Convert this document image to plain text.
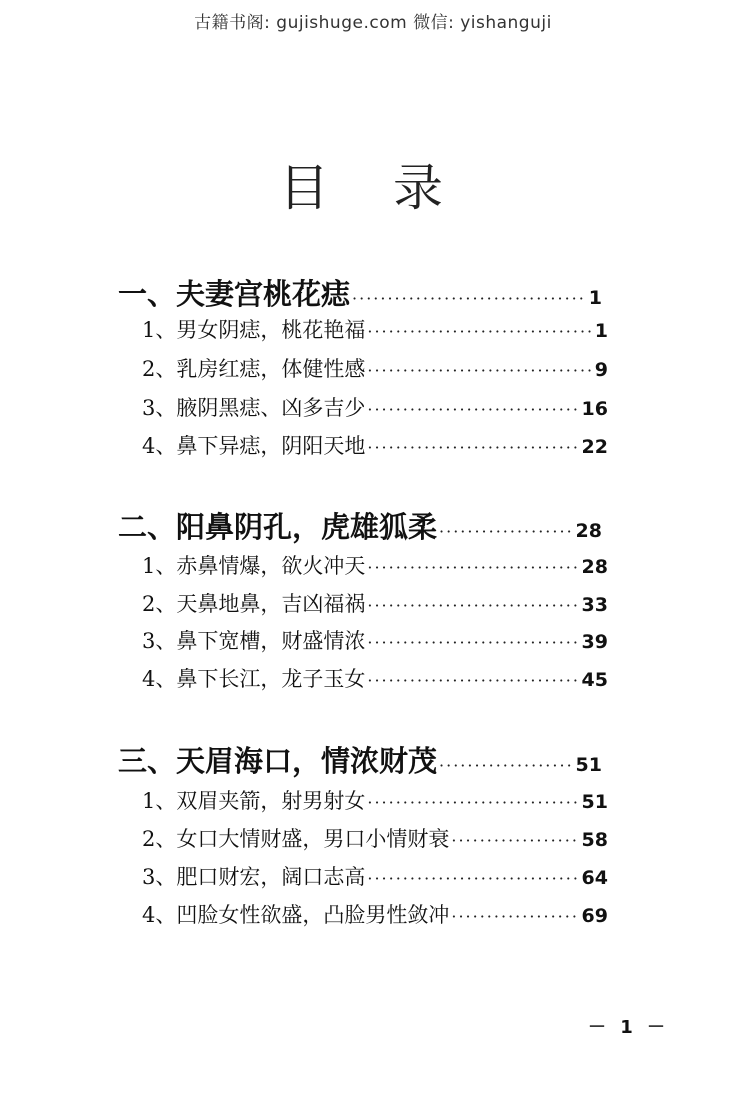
古籍书阁: gujishuge.com 微信: yishanguji
目 录
一、夫妻宫桃花痣 ·····	1
1、男女阴痣，桃花艳福 ·····	1
2、乳房红痣，体健性感 ·····	9
3、腋阴黑痣、凶多吉少 ·····	16
4、鼻下异痣，阴阳天地 ·····	22
二、阳鼻阴孔，虎雄狐柔 ·····	28
1、赤鼻情爆，欲火冲天 ·····	28
2、天鼻地鼻，吉凶福祸 ·····	33
3、鼻下宽槽，财盛情浓 ·····	39
4、鼻下长江，龙子玉女 ·····	45
三、天眉海口，情浓财茂 ·····	51
1、双眉夹箭，射男射女 ·····	51
2、女口大情财盛，男口小情财衰 ·····	58
3、肥口财宏，阔口志高 ·····	64
4、凹脸女性欲盛，凸脸男性敛冲 ·····	69
－ 1 －
